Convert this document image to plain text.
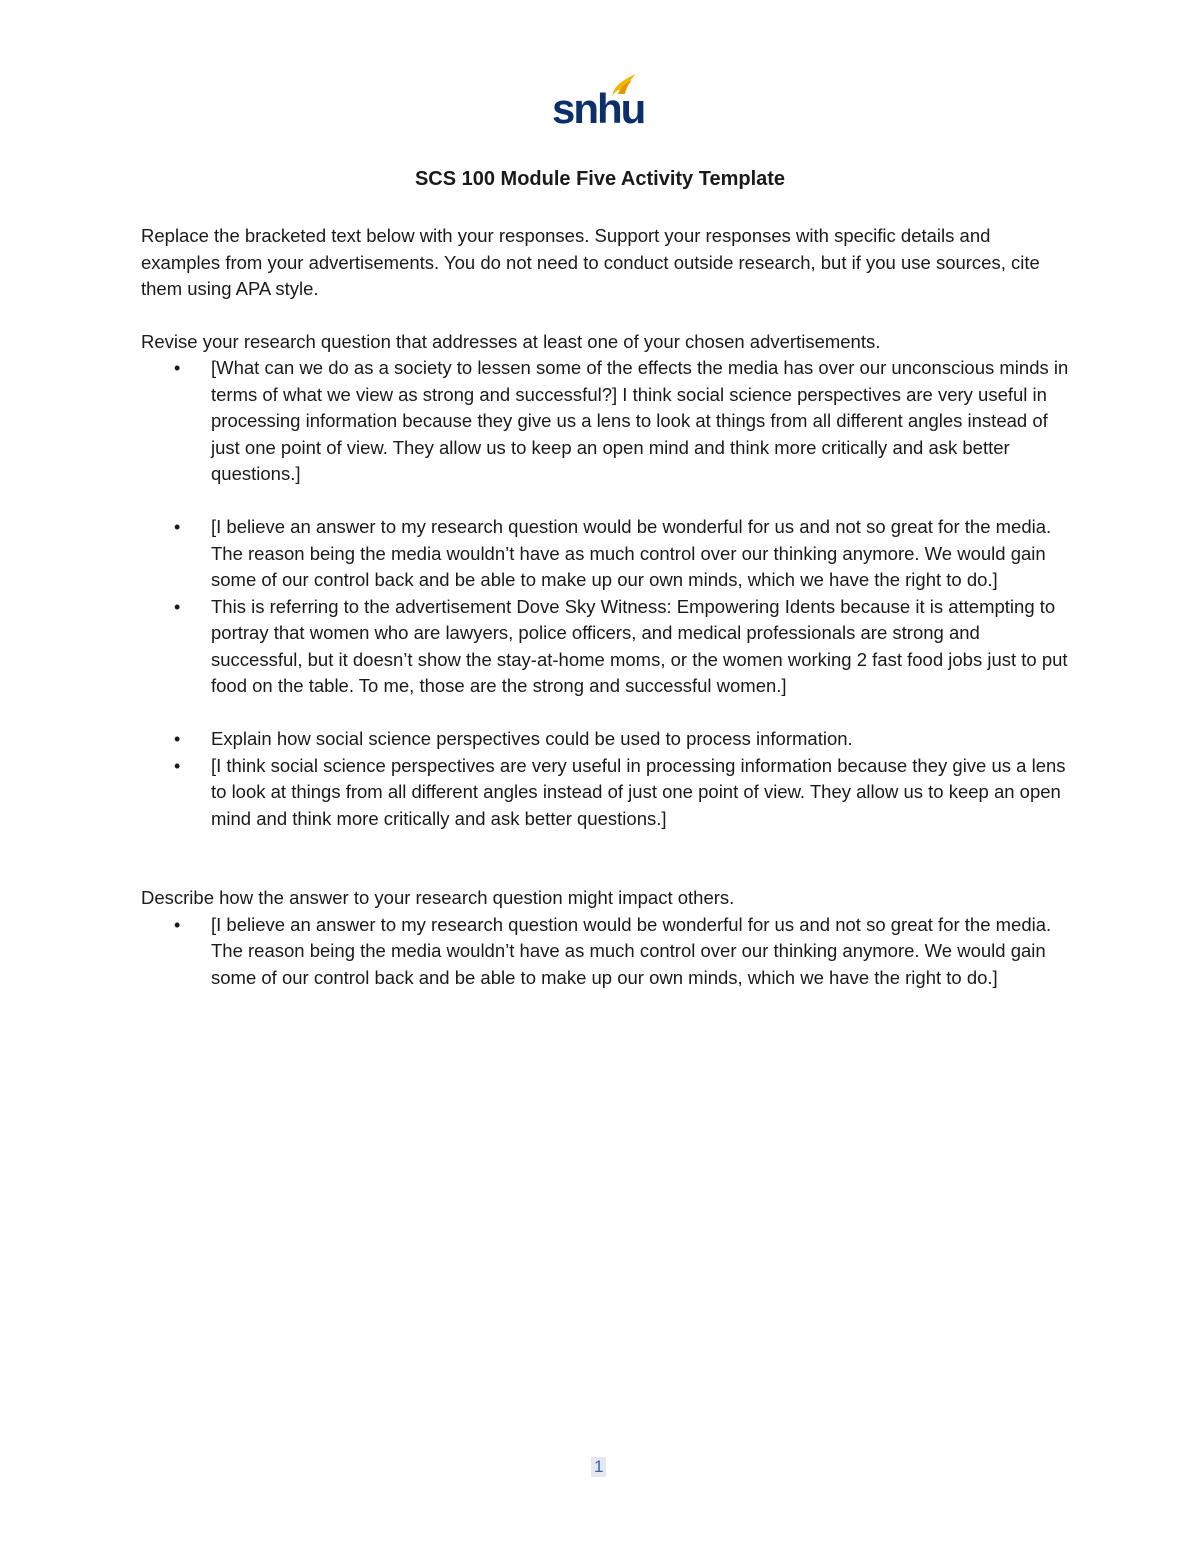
snhu
SCS 100 Module Five Activity Template

Replace the bracketed text below with your responses. Support your responses with specific details and examples from your advertisements. You do not need to conduct outside research, but if you use sources, cite them using APA style.

Revise your research question that addresses at least one of your chosen advertisements.

• [What can we do as a society to lessen some of the effects the media has over our unconscious minds in terms of what we view as strong and successful?] I think social science perspectives are very useful in processing information because they give us a lens to look at things from all different angles instead of just one point of view. They allow us to keep an open mind and think more critically and ask better questions.]
• [I believe an answer to my research question would be wonderful for us and not so great for the media. The reason being the media wouldn’t have as much control over our thinking anymore. We would gain some of our control back and be able to make up our own minds, which we have the right to do.]
• This is referring to the advertisement Dove Sky Witness: Empowering Idents because it is attempting to portray that women who are lawyers, police officers, and medical professionals are strong and successful, but it doesn’t show the stay-at-home moms, or the women working 2 fast food jobs just to put food on the table. To me, those are the strong and successful women.]
• Explain how social science perspectives could be used to process information.
• [I think social science perspectives are very useful in processing information because they give us a lens to look at things from all different angles instead of just one point of view. They allow us to keep an open mind and think more critically and ask better questions.]

Describe how the answer to your research question might impact others.

• [I believe an answer to my research question would be wonderful for us and not so great for the media. The reason being the media wouldn’t have as much control over our thinking anymore. We would gain some of our control back and be able to make up our own minds, which we have the right to do.]
1
